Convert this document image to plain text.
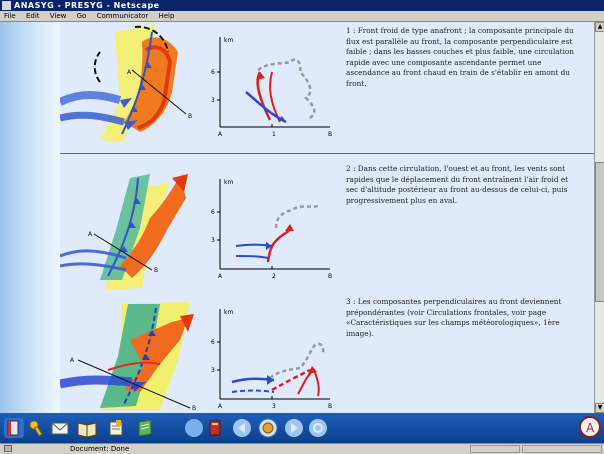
ANASYG - PRESYG - Netscape
File Edit View Go Communicator Help
A
B
km
6
3
A	1	B
1 : Front froid de type anafront ; la composante principale du flux est parallèle au front, la composante perpendiculaire est faible ; dans les basses couches et plus faible, une circulation rapide avec une composante ascendante permet une ascendance au front chaud en train de s'établir en amont du front.
A
B
km
6
3
A	2	B
2 : Dans cette circulation, l'ouest et au front, les vents sont rapides que le déplacement du front entraînent l'air froid et sec d'altitude postérieur au front au-dessus de celui-ci, puis progressivement plus en aval.
A
B
km
6
3
A	3	B
3 : Les composantes perpendiculaires au front deviennent prépondérantes (voir Circulations frontales, voir page «Caractéristiques sur les champs météorologiques», 1ère image).
▲
▼
A
Document: Done
